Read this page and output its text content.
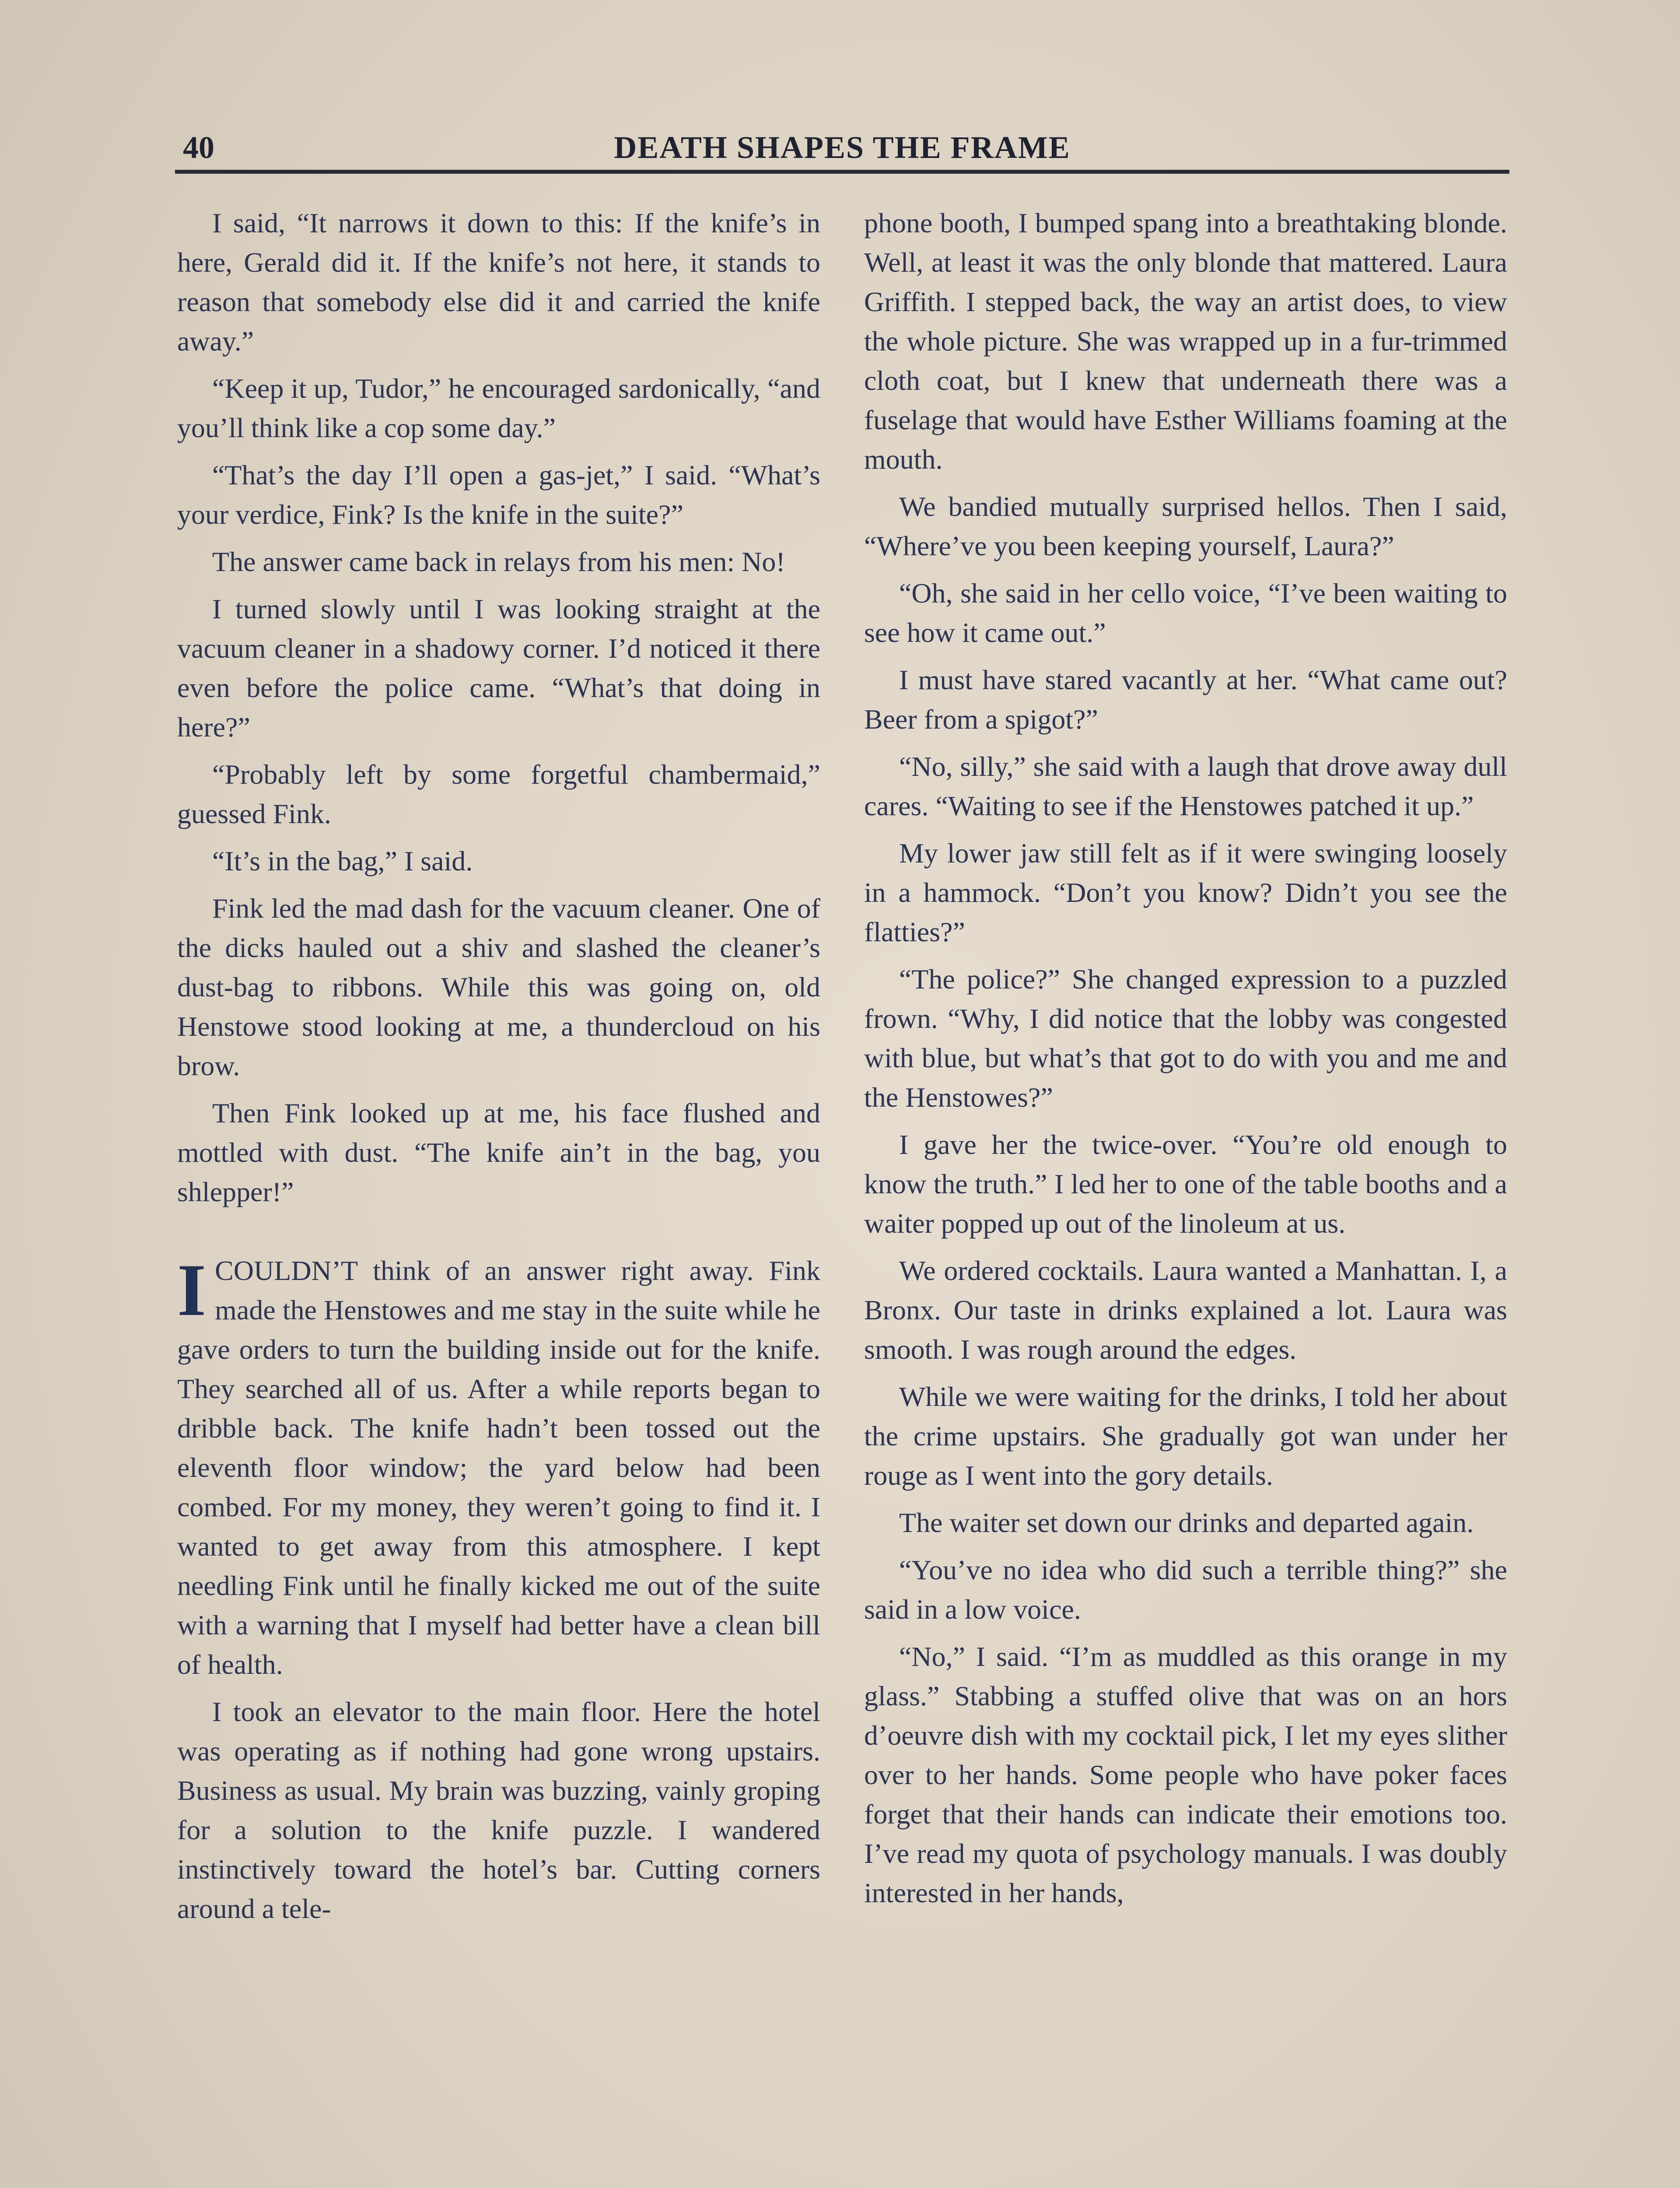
40	DEATH SHAPES THE FRAME

I said, “It narrows it down to this: If the knife’s in here, Gerald did it. If the knife’s not here, it stands to reason that somebody else did it and carried the knife away.”

“Keep it up, Tudor,” he encouraged sardonically, “and you’ll think like a cop some day.”

“That’s the day I’ll open a gas-jet,” I said. “What’s your verdice, Fink? Is the knife in the suite?”

The answer came back in relays from his men: No!

I turned slowly until I was looking straight at the vacuum cleaner in a shadowy corner. I’d noticed it there even before the police came. “What’s that doing in here?”

“Probably left by some forgetful chambermaid,” guessed Fink.

“It’s in the bag,” I said.

Fink led the mad dash for the vacuum cleaner. One of the dicks hauled out a shiv and slashed the cleaner’s dust-bag to ribbons. While this was going on, old Henstowe stood looking at me, a thundercloud on his brow.

Then Fink looked up at me, his face flushed and mottled with dust. “The knife ain’t in the bag, you shlepper!”

ICOULDN’T think of an answer right away. Fink made the Henstowes and me stay in the suite while he gave orders to turn the building inside out for the knife. They searched all of us. After a while reports began to dribble back. The knife hadn’t been tossed out the eleventh floor window; the yard below had been combed. For my money, they weren’t going to find it. I wanted to get away from this atmosphere. I kept needling Fink until he finally kicked me out of the suite with a warning that I myself had better have a clean bill of health.

I took an elevator to the main floor. Here the hotel was operating as if nothing had gone wrong upstairs. Business as usual. My brain was buzzing, vainly groping for a solution to the knife puzzle. I wandered instinctively toward the hotel’s bar. Cutting corners around a tele-

phone booth, I bumped spang into a breathtaking blonde. Well, at least it was the only blonde that mattered. Laura Griffith. I stepped back, the way an artist does, to view the whole picture. She was wrapped up in a fur-trimmed cloth coat, but I knew that underneath there was a fuselage that would have Esther Williams foaming at the mouth.

We bandied mutually surprised hellos. Then I said, “Where’ve you been keeping yourself, Laura?”

“Oh, she said in her cello voice, “I’ve been waiting to see how it came out.”

I must have stared vacantly at her. “What came out? Beer from a spigot?”

“No, silly,” she said with a laugh that drove away dull cares. “Waiting to see if the Henstowes patched it up.”

My lower jaw still felt as if it were swinging loosely in a hammock. “Don’t you know? Didn’t you see the flatties?”

“The police?” She changed expression to a puzzled frown. “Why, I did notice that the lobby was congested with blue, but what’s that got to do with you and me and the Henstowes?”

I gave her the twice-over. “You’re old enough to know the truth.” I led her to one of the table booths and a waiter popped up out of the linoleum at us.

We ordered cocktails. Laura wanted a Manhattan. I, a Bronx. Our taste in drinks explained a lot. Laura was smooth. I was rough around the edges.

While we were waiting for the drinks, I told her about the crime upstairs. She gradually got wan under her rouge as I went into the gory details.

The waiter set down our drinks and departed again.

“You’ve no idea who did such a terrible thing?” she said in a low voice.

“No,” I said. “I’m as muddled as this orange in my glass.” Stabbing a stuffed olive that was on an hors d’oeuvre dish with my cocktail pick, I let my eyes slither over to her hands. Some people who have poker faces forget that their hands can indicate their emotions too. I’ve read my quota of psychology manuals. I was doubly interested in her hands,
